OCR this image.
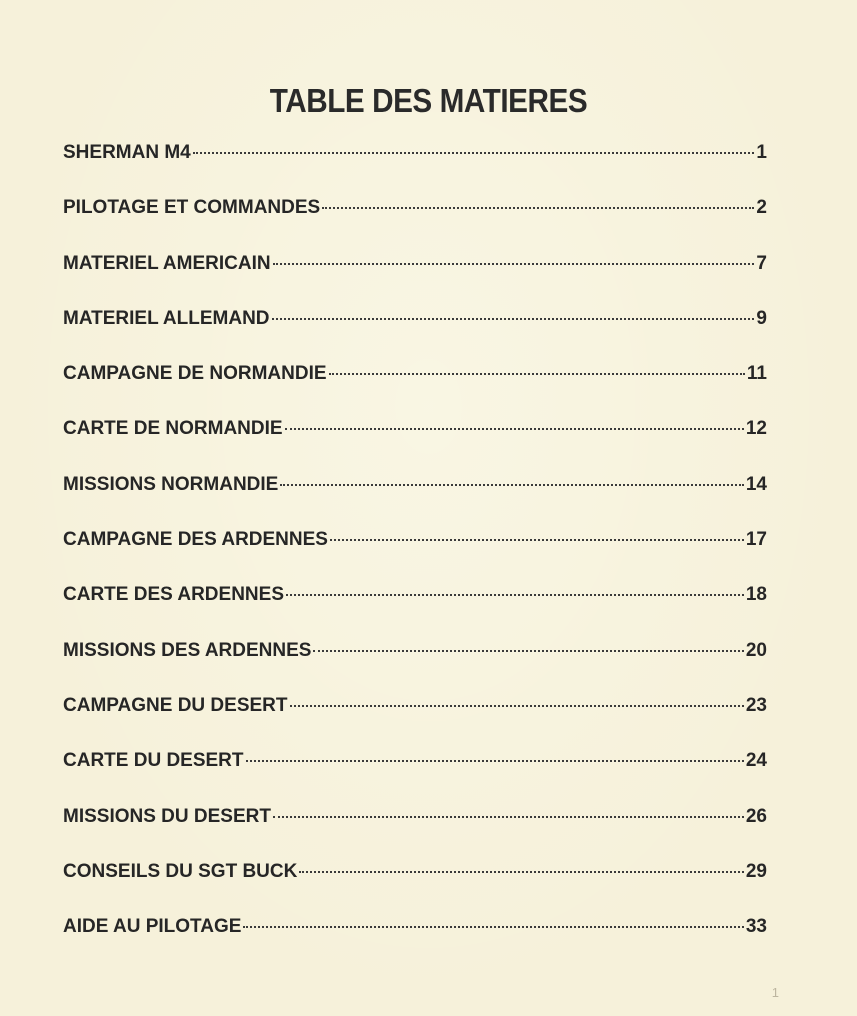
TABLE DES MATIERES
SHERMAN M4	1
PILOTAGE ET COMMANDES	2
MATERIEL AMERICAIN	7
MATERIEL ALLEMAND	9
CAMPAGNE DE NORMANDIE	11
CARTE DE NORMANDIE	12
MISSIONS NORMANDIE	14
CAMPAGNE DES ARDENNES	17
CARTE DES ARDENNES	18
MISSIONS DES ARDENNES	20
CAMPAGNE DU DESERT	23
CARTE DU DESERT	24
MISSIONS DU DESERT	26
CONSEILS DU SGT BUCK	29
AIDE AU PILOTAGE	33
1
